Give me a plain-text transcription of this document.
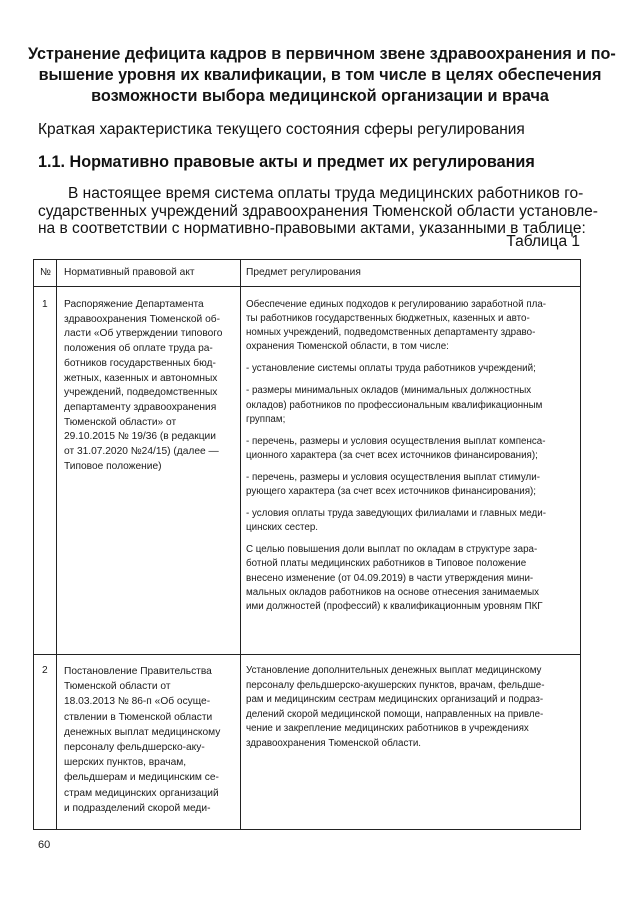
Устранение дефицита кадров в первичном звене здравоохранения и по-
вышение уровня их квалификации, в том числе в целях обеспечения
возможности выбора медицинской организации и врача
Краткая характеристика текущего состояния сферы регулирования
1.1. Нормативно правовые акты и предмет их регулирования
В настоящее время система оплаты труда медицинских работников го-
сударственных учреждений здравоохранения Тюменской области установле-
на в соответствии с нормативно-правовыми актами, указанными в таблице:
Таблица 1
№ Нормативный правовой акт	Предмет регулирования
1 Распоряжение Департамента
здравоохранения Тюменской об-
ласти «Об утверждении типового
положения об оплате труда ра-
ботников государственных бюд-
жетных, казенных и автономных
учреждений, подведомственных
департаменту здравоохранения
Тюменской области» от
29.10.2015 № 19/36 (в редакции
от 31.07.2020 №24/15) (далее —
Типовое положение)

Обеспечение единых подходов к регулированию заработной пла-
ты работников государственных бюджетных, казенных и авто-
номных учреждений, подведомственных департаменту здраво-
охранения Тюменской области, в том числе:

- установление системы оплаты труда работников учреждений;

- размеры минимальных окладов (минимальных должностных
окладов) работников по профессиональным квалификационным
группам;

- перечень, размеры и условия осуществления выплат компенса-
ционного характера (за счет всех источников финансирования);

- перечень, размеры и условия осуществления выплат стимули-
рующего характера (за счет всех источников финансирования);

- условия оплаты труда заведующих филиалами и главных меди-
цинских сестер.

С целью повышения доли выплат по окладам в структуре зара-
ботной платы медицинских работников в Типовое положение
внесено изменение (от 04.09.2019) в части утверждения мини-
мальных окладов работников на основе отнесения занимаемых
ими должностей (профессий) к квалификационным уровням ПКГ

2 Постановление Правительства
Тюменской области от
18.03.2013 № 86-п «Об осуще-
ствлении в Тюменской области
денежных выплат медицинскому
персоналу фельдшерско-аку-
шерских пунктов, врачам,
фельдшерам и медицинским се-
страм медицинских организаций
и подразделений скорой меди-

Установление дополнительных денежных выплат медицинскому
персоналу фельдшерско-акушерских пунктов, врачам, фельдше-
рам и медицинским сестрам медицинских организаций и подраз-
делений скорой медицинской помощи, направленных на привле-
чение и закрепление медицинских работников в учреждениях
здравоохранения Тюменской области.

60
